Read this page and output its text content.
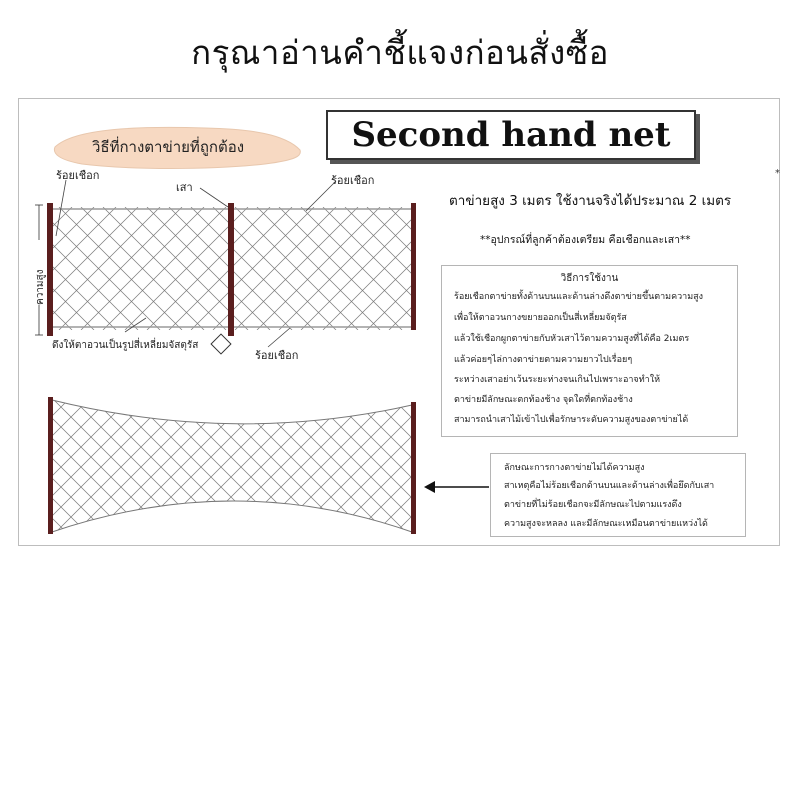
กรุณาอ่านคำชี้แจงก่อนสั่งซื้อ
วิธีที่กางตาข่ายที่ถูกต้อง
ความสูง
Second hand net
*
ตาข่ายสูง 3 เมตร ใช้งานจริงได้ประมาณ 2 เมตร
**อุปกรณ์ที่ลูกค้าต้องเตรียม คือเชือกและเสา**
ร้อยเชือก
เสา
ร้อยเชือก
ดึงให้ตาอวนเป็นรูปสี่เหลี่ยมจัสตุรัส
ร้อยเชือก
วิธีการใช้งาน
ร้อยเชือกตาข่ายทั้งด้านบนและด้านล่างดึงตาข่ายขึ้นตามความสูง
เพื่อให้ตาอวนกางขยายออกเป็นสี่เหลี่ยมจัตุรัส
แล้วใช้เชือกผูกตาข่ายกับหัวเสาไว้ตามความสูงที่ได้คือ 2เมตร
แล้วค่อยๆไล่กางตาข่ายตามความยาวไปเรื่อยๆ
ระหว่างเสาอย่าเว้นระยะห่างจนเกินไปเพราะอาจทำให้
ตาข่ายมีลักษณะตกท้องช้าง จุดใดที่ตกท้องช้าง
สามารถนำเสาไม้เข้าไปเพื่อรักษาระดับความสูงของตาข่ายได้
ลักษณะการกางตาข่ายไม่ได้ความสูง
สาเหตุคือไม่ร้อยเชือกด้านบนและด้านล่างเพื่อยึดกับเสา
ตาข่ายที่ไม่ร้อยเชือกจะมีลักษณะไปตามแรงดึง
ความสูงจะหลลง และมีลักษณะเหมือนตาข่ายแหว่งได้
